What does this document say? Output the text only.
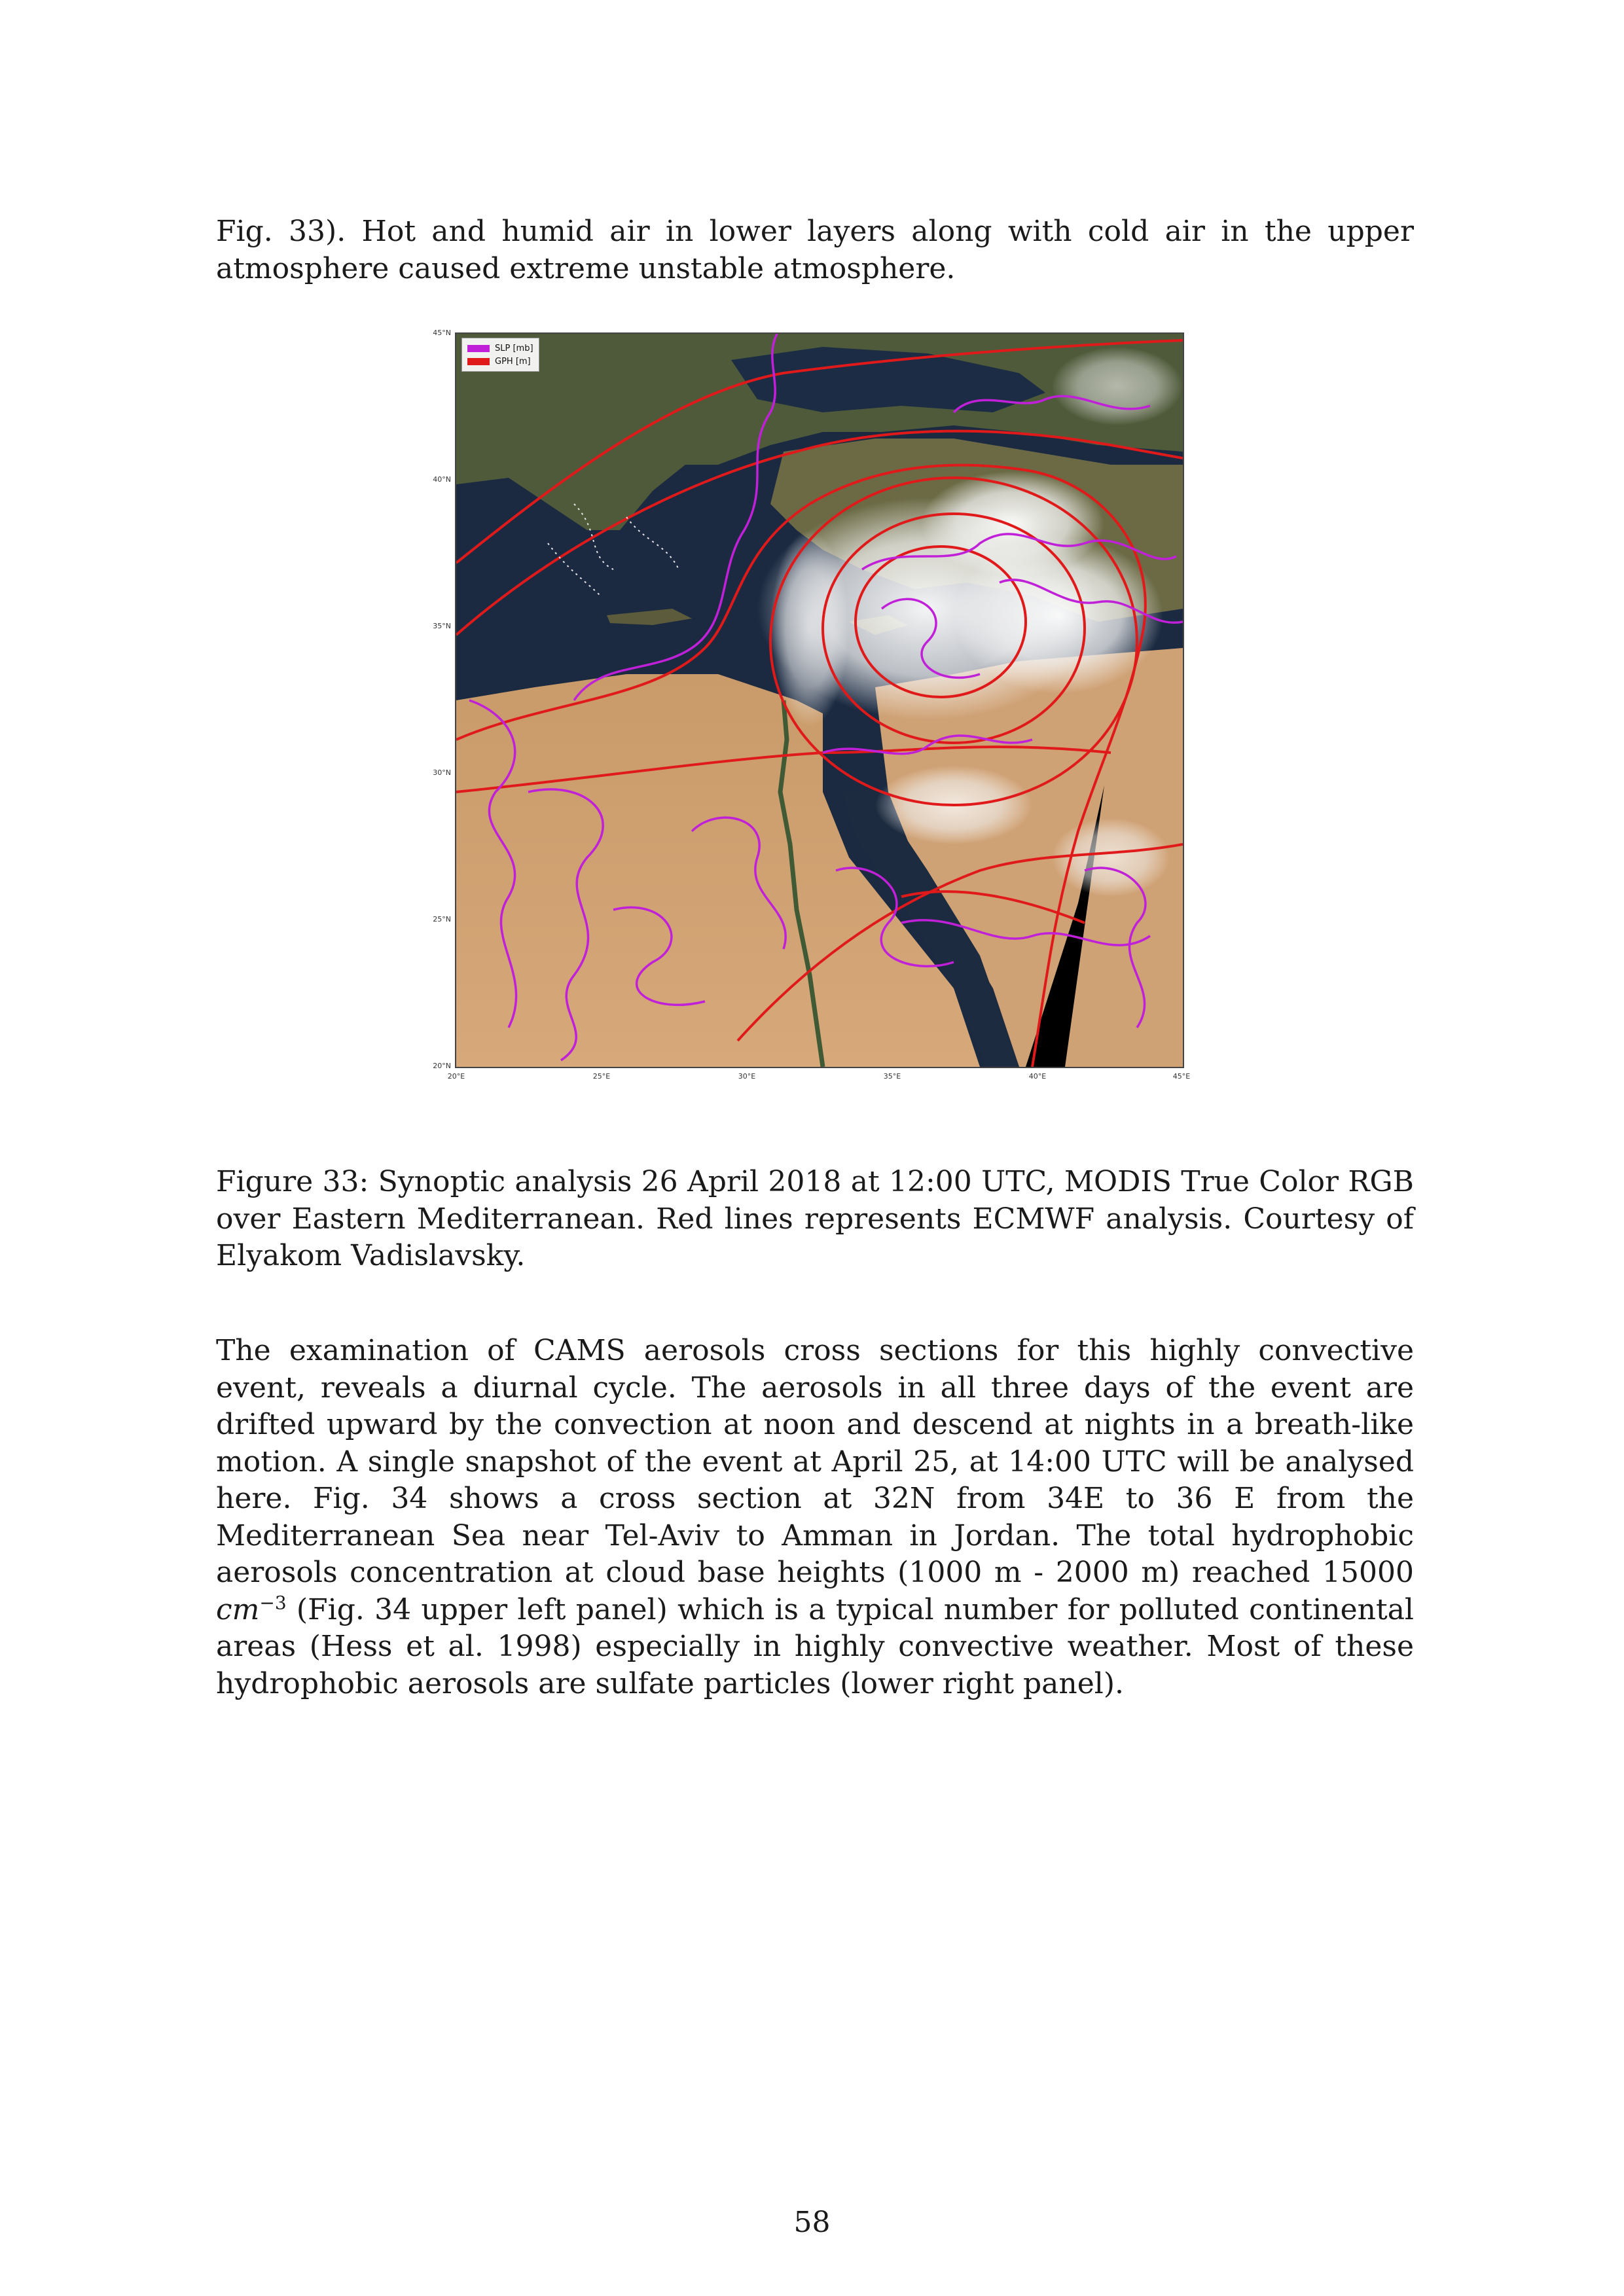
Fig. 33). Hot and humid air in lower layers along with cold air in the upper atmosphere caused extreme unstable atmosphere.

45°N
40°N
35°N
30°N
25°N
20°N
SLP [mb]
GPH [m]
20°E	25°E	30°E	35°E	40°E	45°E

Figure 33: Synoptic analysis 26 April 2018 at 12:00 UTC, MODIS True Color RGB over Eastern Mediterranean. Red lines represents ECMWF analysis. Courtesy of Elyakom Vadislavsky.

The examination of CAMS aerosols cross sections for this highly convective event, reveals a diurnal cycle. The aerosols in all three days of the event are drifted upward by the convection at noon and descend at nights in a breath-like motion. A single snapshot of the event at April 25, at 14:00 UTC will be analysed here. Fig. 34 shows a cross section at 32N from 34E to 36 E from the Mediterranean Sea near Tel-Aviv to Amman in Jordan. The total hydrophobic aerosols concentration at cloud base heights (1000 m - 2000 m) reached 15000 $cm^{-3}$ (Fig. 34 upper left panel) which is a typical number for polluted continental areas (Hess et al. 1998) especially in highly convective weather. Most of these hydrophobic aerosols are sulfate particles (lower right panel).

58
